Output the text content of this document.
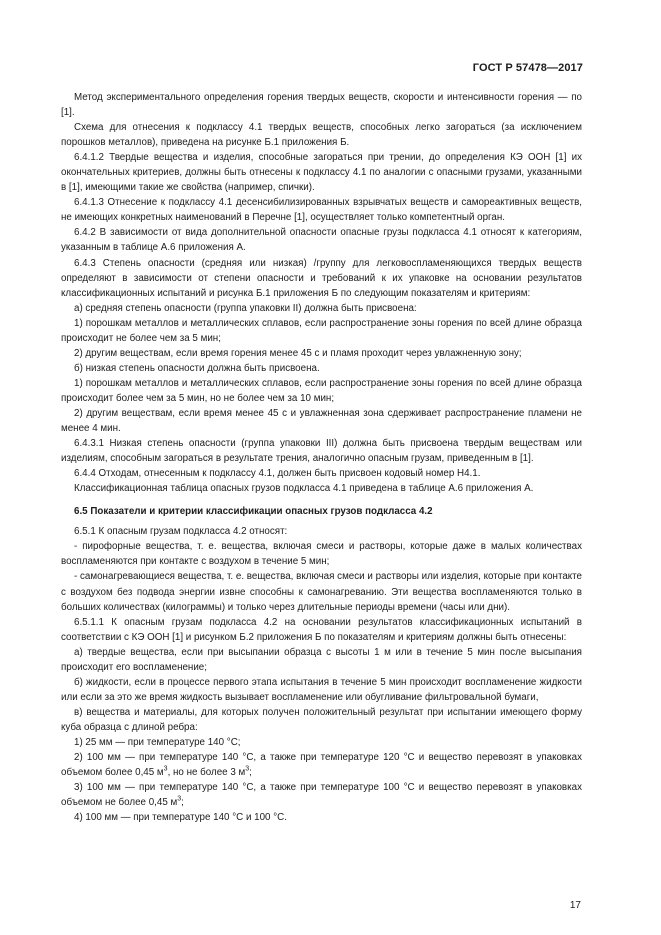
ГОСТ Р 57478—2017

Метод экспериментального определения горения твердых веществ, скорости и интенсивности горения — по [1].

Схема для отнесения к подклассу 4.1 твердых веществ, способных легко загораться (за исключением порошков металлов), приведена на рисунке Б.1 приложения Б.

6.4.1.2 Твердые вещества и изделия, способные загораться при трении, до определения КЭ ООН [1] их окончательных критериев, должны быть отнесены к подклассу 4.1 по аналогии с опасными грузами, указанными в [1], имеющими такие же свойства (например, спички).

6.4.1.3 Отнесение к подклассу 4.1 десенсибилизированных взрывчатых веществ и самореактивных веществ, не имеющих конкретных наименований в Перечне [1], осуществляет только компетентный орган.

6.4.2 В зависимости от вида дополнительной опасности опасные грузы подкласса 4.1 относят к категориям, указанным в таблице А.6 приложения А.

6.4.3 Степень опасности (средняя или низкая) /группу для легковоспламеняющихся твердых веществ определяют в зависимости от степени опасности и требований к их упаковке на основании результатов классификационных испытаний и рисунка Б.1 приложения Б по следующим показателям и критериям:

а) средняя степень опасности (группа упаковки II) должна быть присвоена:

1) порошкам металлов и металлических сплавов, если распространение зоны горения по всей длине образца происходит не более чем за 5 мин;

2) другим веществам, если время горения менее 45 с и пламя проходит через увлажненную зону;

б) низкая степень опасности должна быть присвоена.

1) порошкам металлов и металлических сплавов, если распространение зоны горения по всей длине образца происходит более чем за 5 мин, но не более чем за 10 мин;

2) другим веществам, если время менее 45 с и увлажненная зона сдерживает распространение пламени не менее 4 мин.

6.4.3.1 Низкая степень опасности (группа упаковки III) должна быть присвоена твердым веществам или изделиям, способным загораться в результате трения, аналогично опасным грузам, приведенным в [1].

6.4.4 Отходам, отнесенным к подклассу 4.1, должен быть присвоен кодовый номер Н4.1.

Классификационная таблица опасных грузов подкласса 4.1 приведена в таблице А.6 приложения А.

6.5 Показатели и критерии классификации опасных грузов подкласса 4.2

6.5.1 К опасным грузам подкласса 4.2 относят:

- пирофорные вещества, т. е. вещества, включая смеси и растворы, которые даже в малых количествах воспламеняются при контакте с воздухом в течение 5 мин;

- самонагревающиеся вещества, т. е. вещества, включая смеси и растворы или изделия, которые при контакте с воздухом без подвода энергии извне способны к самонагреванию. Эти вещества воспламеняются только в больших количествах (килограммы) и только через длительные периоды времени (часы или дни).

6.5.1.1 К опасным грузам подкласса 4.2 на основании результатов классификационных испытаний в соответствии с КЭ ООН [1] и рисунком Б.2 приложения Б по показателям и критериям должны быть отнесены:

а) твердые вещества, если при высыпании образца с высоты 1 м или в течение 5 мин после высыпания происходит его воспламенение;

б) жидкости, если в процессе первого этапа испытания в течение 5 мин происходит воспламенение жидкости или если за это же время жидкость вызывает воспламенение или обугливание фильтровальной бумаги,

в) вещества и материалы, для которых получен положительный результат при испытании имеющего форму куба образца с длиной ребра:

1) 25 мм — при температуре 140 °С;

2) 100 мм — при температуре 140 °С, а также при температуре 120 °С и вещество перевозят в упаковках объемом более 0,45 $м^3$, но не более 3 $м^3$;

3) 100 мм — при температуре 140 °С, а также при температуре 100 °С и вещество перевозят в упаковках объемом не более 0,45 $м^3$;

4) 100 мм — при температуре 140 °С и 100 °С.

17
